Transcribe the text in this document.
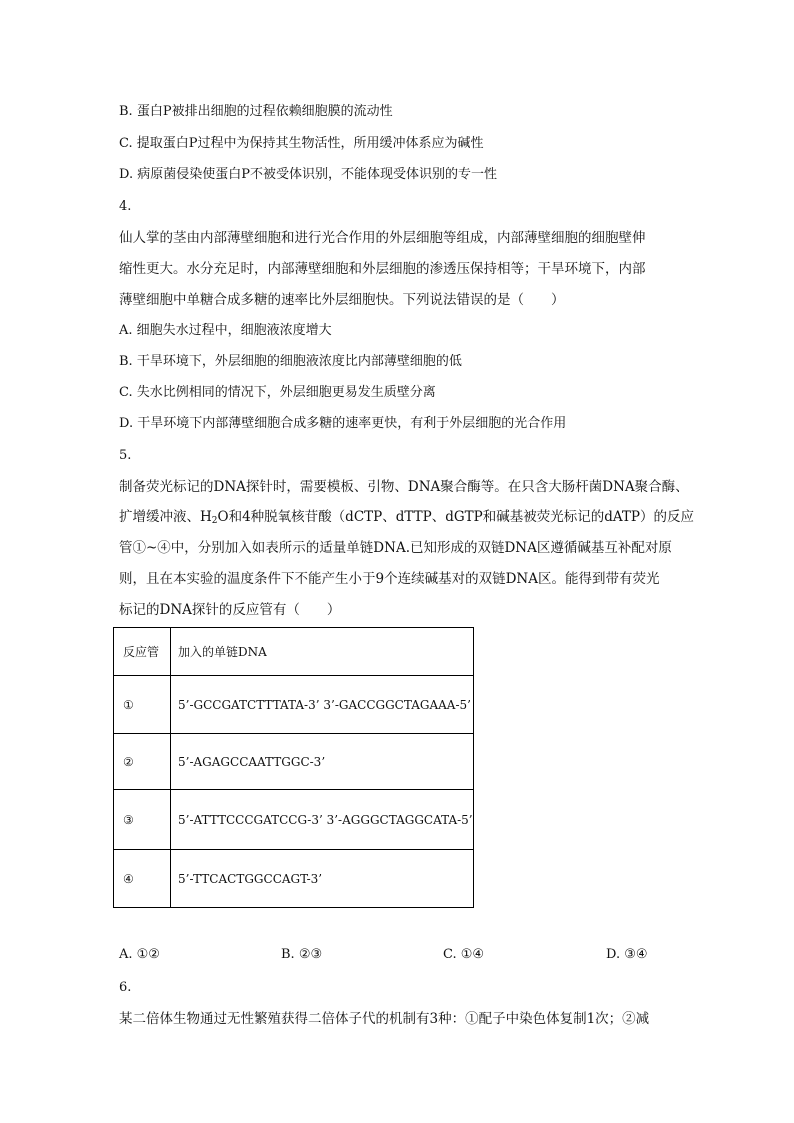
B. 蛋白P被排出细胞的过程依赖细胞膜的流动性
C. 提取蛋白P过程中为保持其生物活性，所用缓冲体系应为碱性
D. 病原菌侵染使蛋白P不被受体识别，不能体现受体识别的专一性
4.
仙人掌的茎由内部薄壁细胞和进行光合作用的外层细胞等组成，内部薄壁细胞的细胞壁伸
缩性更大。水分充足时，内部薄壁细胞和外层细胞的渗透压保持相等；干旱环境下，内部
薄壁细胞中单糖合成多糖的速率比外层细胞快。下列说法错误的是（　　）
A. 细胞失水过程中，细胞液浓度增大
B. 干旱环境下，外层细胞的细胞液浓度比内部薄壁细胞的低
C. 失水比例相同的情况下，外层细胞更易发生质壁分离
D. 干旱环境下内部薄壁细胞合成多糖的速率更快，有利于外层细胞的光合作用
5.
制备荧光标记的DNA探针时，需要模板、引物、DNA聚合酶等。在只含大肠杆菌DNA聚合酶、
扩增缓冲液、$H_2O$和4种脱氧核苷酸（dCTP、dTTP、dGTP和碱基被荧光标记的dATP）的反应
管①~④中，分别加入如表所示的适量单链DNA.已知形成的双链DNA区遵循碱基互补配对原
则，且在本实验的温度条件下不能产生小于9个连续碱基对的双链DNA区。能得到带有荧光
标记的DNA探针的反应管有（　　）
反应管	加入的单链DNA
①	5’-GCCGATCTTTATA-3’ 3’-GACCGGCTAGAAA-5’
②	5’-AGAGCCAATTGGC-3’
③	5’-ATTTCCCGATCCG-3’ 3’-AGGGCTAGGCATA-5’
④	5’-TTCACTGGCCAGT-3’
A. ①②	B. ②③	C. ①④	D. ③④
6.
某二倍体生物通过无性繁殖获得二倍体子代的机制有3种：①配子中染色体复制1次；②减
